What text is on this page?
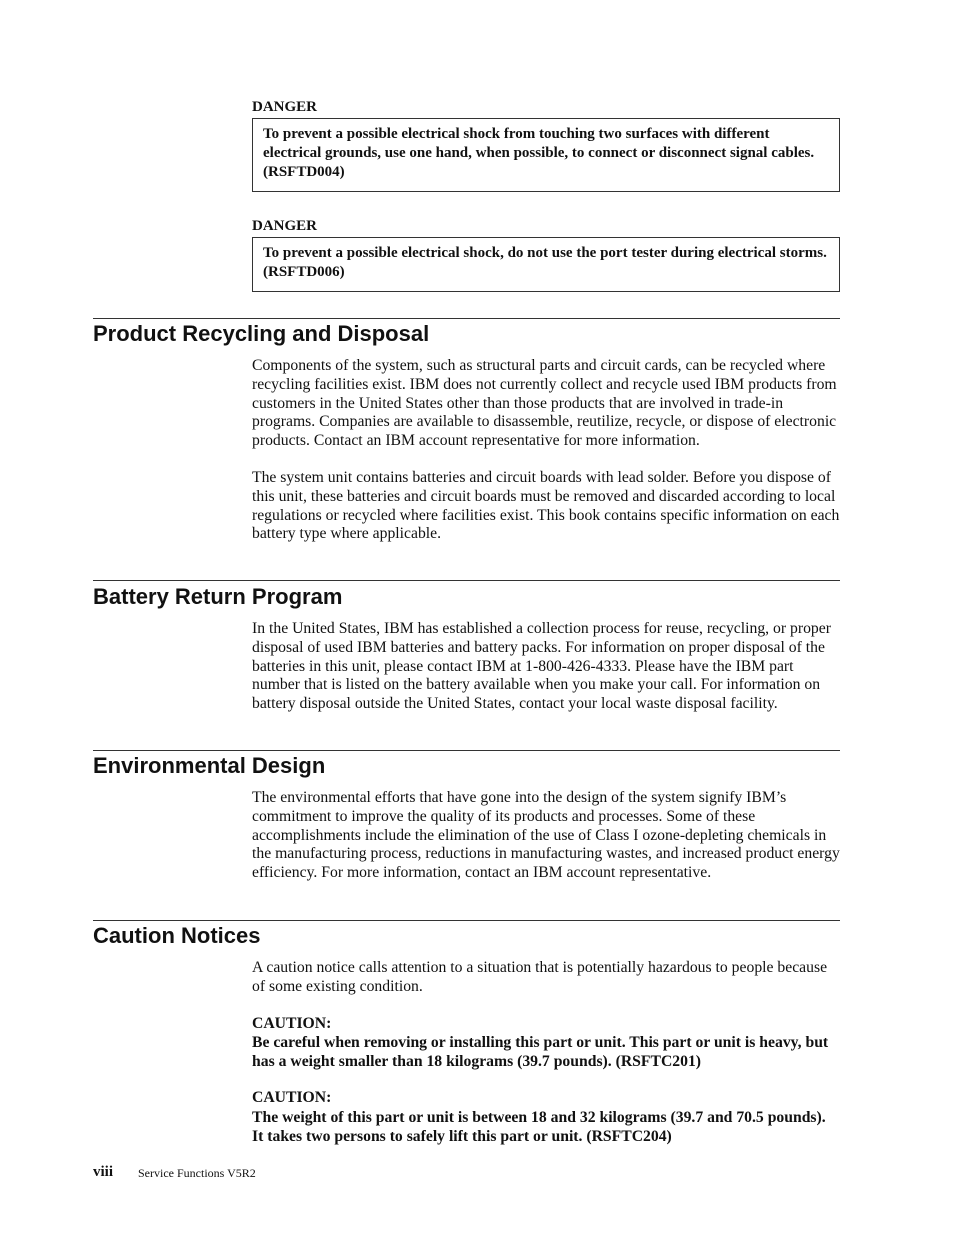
DANGER
To prevent a possible electrical shock from touching two surfaces with different electrical grounds, use one hand, when possible, to connect or disconnect signal cables. (RSFTD004)
DANGER
To prevent a possible electrical shock, do not use the port tester during electrical storms. (RSFTD006)
Product Recycling and Disposal

Components of the system, such as structural parts and circuit cards, can be recycled where recycling facilities exist. IBM does not currently collect and recycle used IBM products from customers in the United States other than those products that are involved in trade-in programs. Companies are available to disassemble, reutilize, recycle, or dispose of electronic products. Contact an IBM account representative for more information.

The system unit contains batteries and circuit boards with lead solder. Before you dispose of this unit, these batteries and circuit boards must be removed and discarded according to local regulations or recycled where facilities exist. This book contains specific information on each battery type where applicable.

Battery Return Program

In the United States, IBM has established a collection process for reuse, recycling, or proper disposal of used IBM batteries and battery packs. For information on proper disposal of the batteries in this unit, please contact IBM at 1-800-426-4333. Please have the IBM part number that is listed on the battery available when you make your call. For information on battery disposal outside the United States, contact your local waste disposal facility.

Environmental Design

The environmental efforts that have gone into the design of the system signify IBM’s commitment to improve the quality of its products and processes. Some of these accomplishments include the elimination of the use of Class I ozone-depleting chemicals in the manufacturing process, reductions in manufacturing wastes, and increased product energy efficiency. For more information, contact an IBM account representative.

Caution Notices

A caution notice calls attention to a situation that is potentially hazardous to people because of some existing condition.

CAUTION:
Be careful when removing or installing this part or unit. This part or unit is heavy, but has a weight smaller than 18 kilograms (39.7 pounds). (RSFTC201)
CAUTION:
The weight of this part or unit is between 18 and 32 kilograms (39.7 and 70.5 pounds). It takes two persons to safely lift this part or unit. (RSFTC204)
viii Service Functions V5R2
